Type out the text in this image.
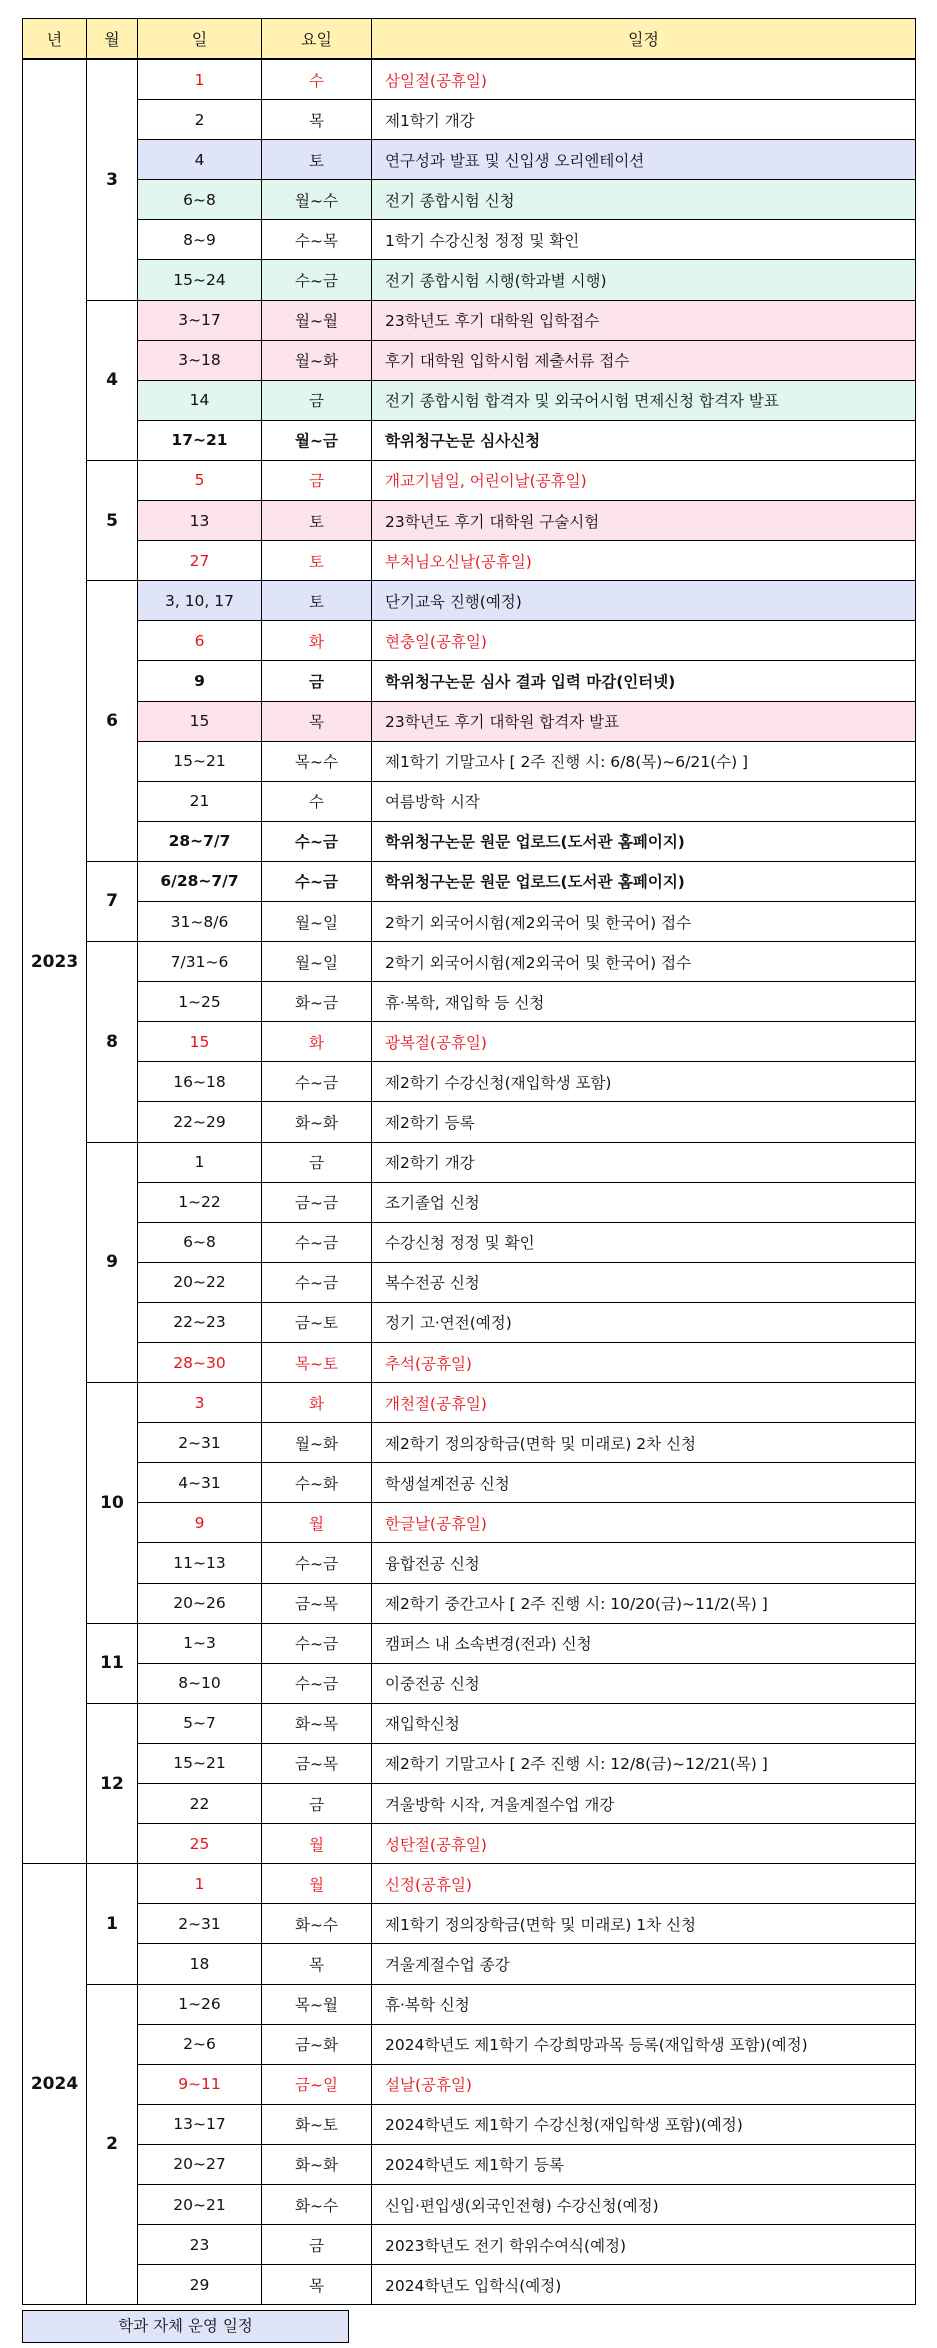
년	월	일	요일	일정
2023	3	1	수	삼일절(공휴일)
		2	목	제1학기 개강
		4	토	연구성과 발표 및 신입생 오리엔테이션
		6~8	월~수	전기 종합시험 신청
		8~9	수~목	1학기 수강신청 정정 및 확인
		15~24	수~금	전기 종합시험 시행(학과별 시행)
	4	3~17	월~월	23학년도 후기 대학원 입학접수
		3~18	월~화	후기 대학원 입학시험 제출서류 접수
		14	금	전기 종합시험 합격자 및 외국어시험 면제신청 합격자 발표
		17~21	월~금	학위청구논문 심사신청
	5	5	금	개교기념일, 어린이날(공휴일)
		13	토	23학년도 후기 대학원 구술시험
		27	토	부처님오신날(공휴일)
	6	3, 10, 17	토	단기교육 진행(예정)
		6	화	현충일(공휴일)
		9	금	학위청구논문 심사 결과 입력 마감(인터넷)
		15	목	23학년도 후기 대학원 합격자 발표
		15~21	목~수	제1학기 기말고사 [ 2주 진행 시: 6/8(목)~6/21(수) ]
		21	수	여름방학 시작
		28~7/7	수~금	학위청구논문 원문 업로드(도서관 홈페이지)
	7	6/28~7/7	수~금	학위청구논문 원문 업로드(도서관 홈페이지)
		31~8/6	월~일	2학기 외국어시험(제2외국어 및 한국어) 접수
	8	7/31~6	월~일	2학기 외국어시험(제2외국어 및 한국어) 접수
		1~25	화~금	휴·복학, 재입학 등 신청
		15	화	광복절(공휴일)
		16~18	수~금	제2학기 수강신청(재입학생 포함)
		22~29	화~화	제2학기 등록
	9	1	금	제2학기 개강
		1~22	금~금	조기졸업 신청
		6~8	수~금	수강신청 정정 및 확인
		20~22	수~금	복수전공 신청
		22~23	금~토	정기 고·연전(예정)
		28~30	목~토	추석(공휴일)
	10	3	화	개천절(공휴일)
		2~31	월~화	제2학기 정의장학금(면학 및 미래로) 2차 신청
		4~31	수~화	학생설계전공 신청
		9	월	한글날(공휴일)
		11~13	수~금	융합전공 신청
		20~26	금~목	제2학기 중간고사 [ 2주 진행 시: 10/20(금)~11/2(목) ]
	11	1~3	수~금	캠퍼스 내 소속변경(전과) 신청
		8~10	수~금	이중전공 신청
	12	5~7	화~목	재입학신청
		15~21	금~목	제2학기 기말고사 [ 2주 진행 시: 12/8(금)~12/21(목) ]
		22	금	겨울방학 시작, 겨울계절수업 개강
		25	월	성탄절(공휴일)
2024	1	1	월	신정(공휴일)
		2~31	화~수	제1학기 정의장학금(면학 및 미래로) 1차 신청
		18	목	겨울계절수업 종강
	2	1~26	목~월	휴·복학 신청
		2~6	금~화	2024학년도 제1학기 수강희망과목 등록(재입학생 포함)(예정)
		9~11	금~일	설날(공휴일)
		13~17	화~토	2024학년도 제1학기 수강신청(재입학생 포함)(예정)
		20~27	화~화	2024학년도 제1학기 등록
		20~21	화~수	신입·편입생(외국인전형) 수강신청(예정)
		23	금	2023학년도 전기 학위수여식(예정)
		29	목	2024학년도 입학식(예정)
학과 자체 운영 일정
